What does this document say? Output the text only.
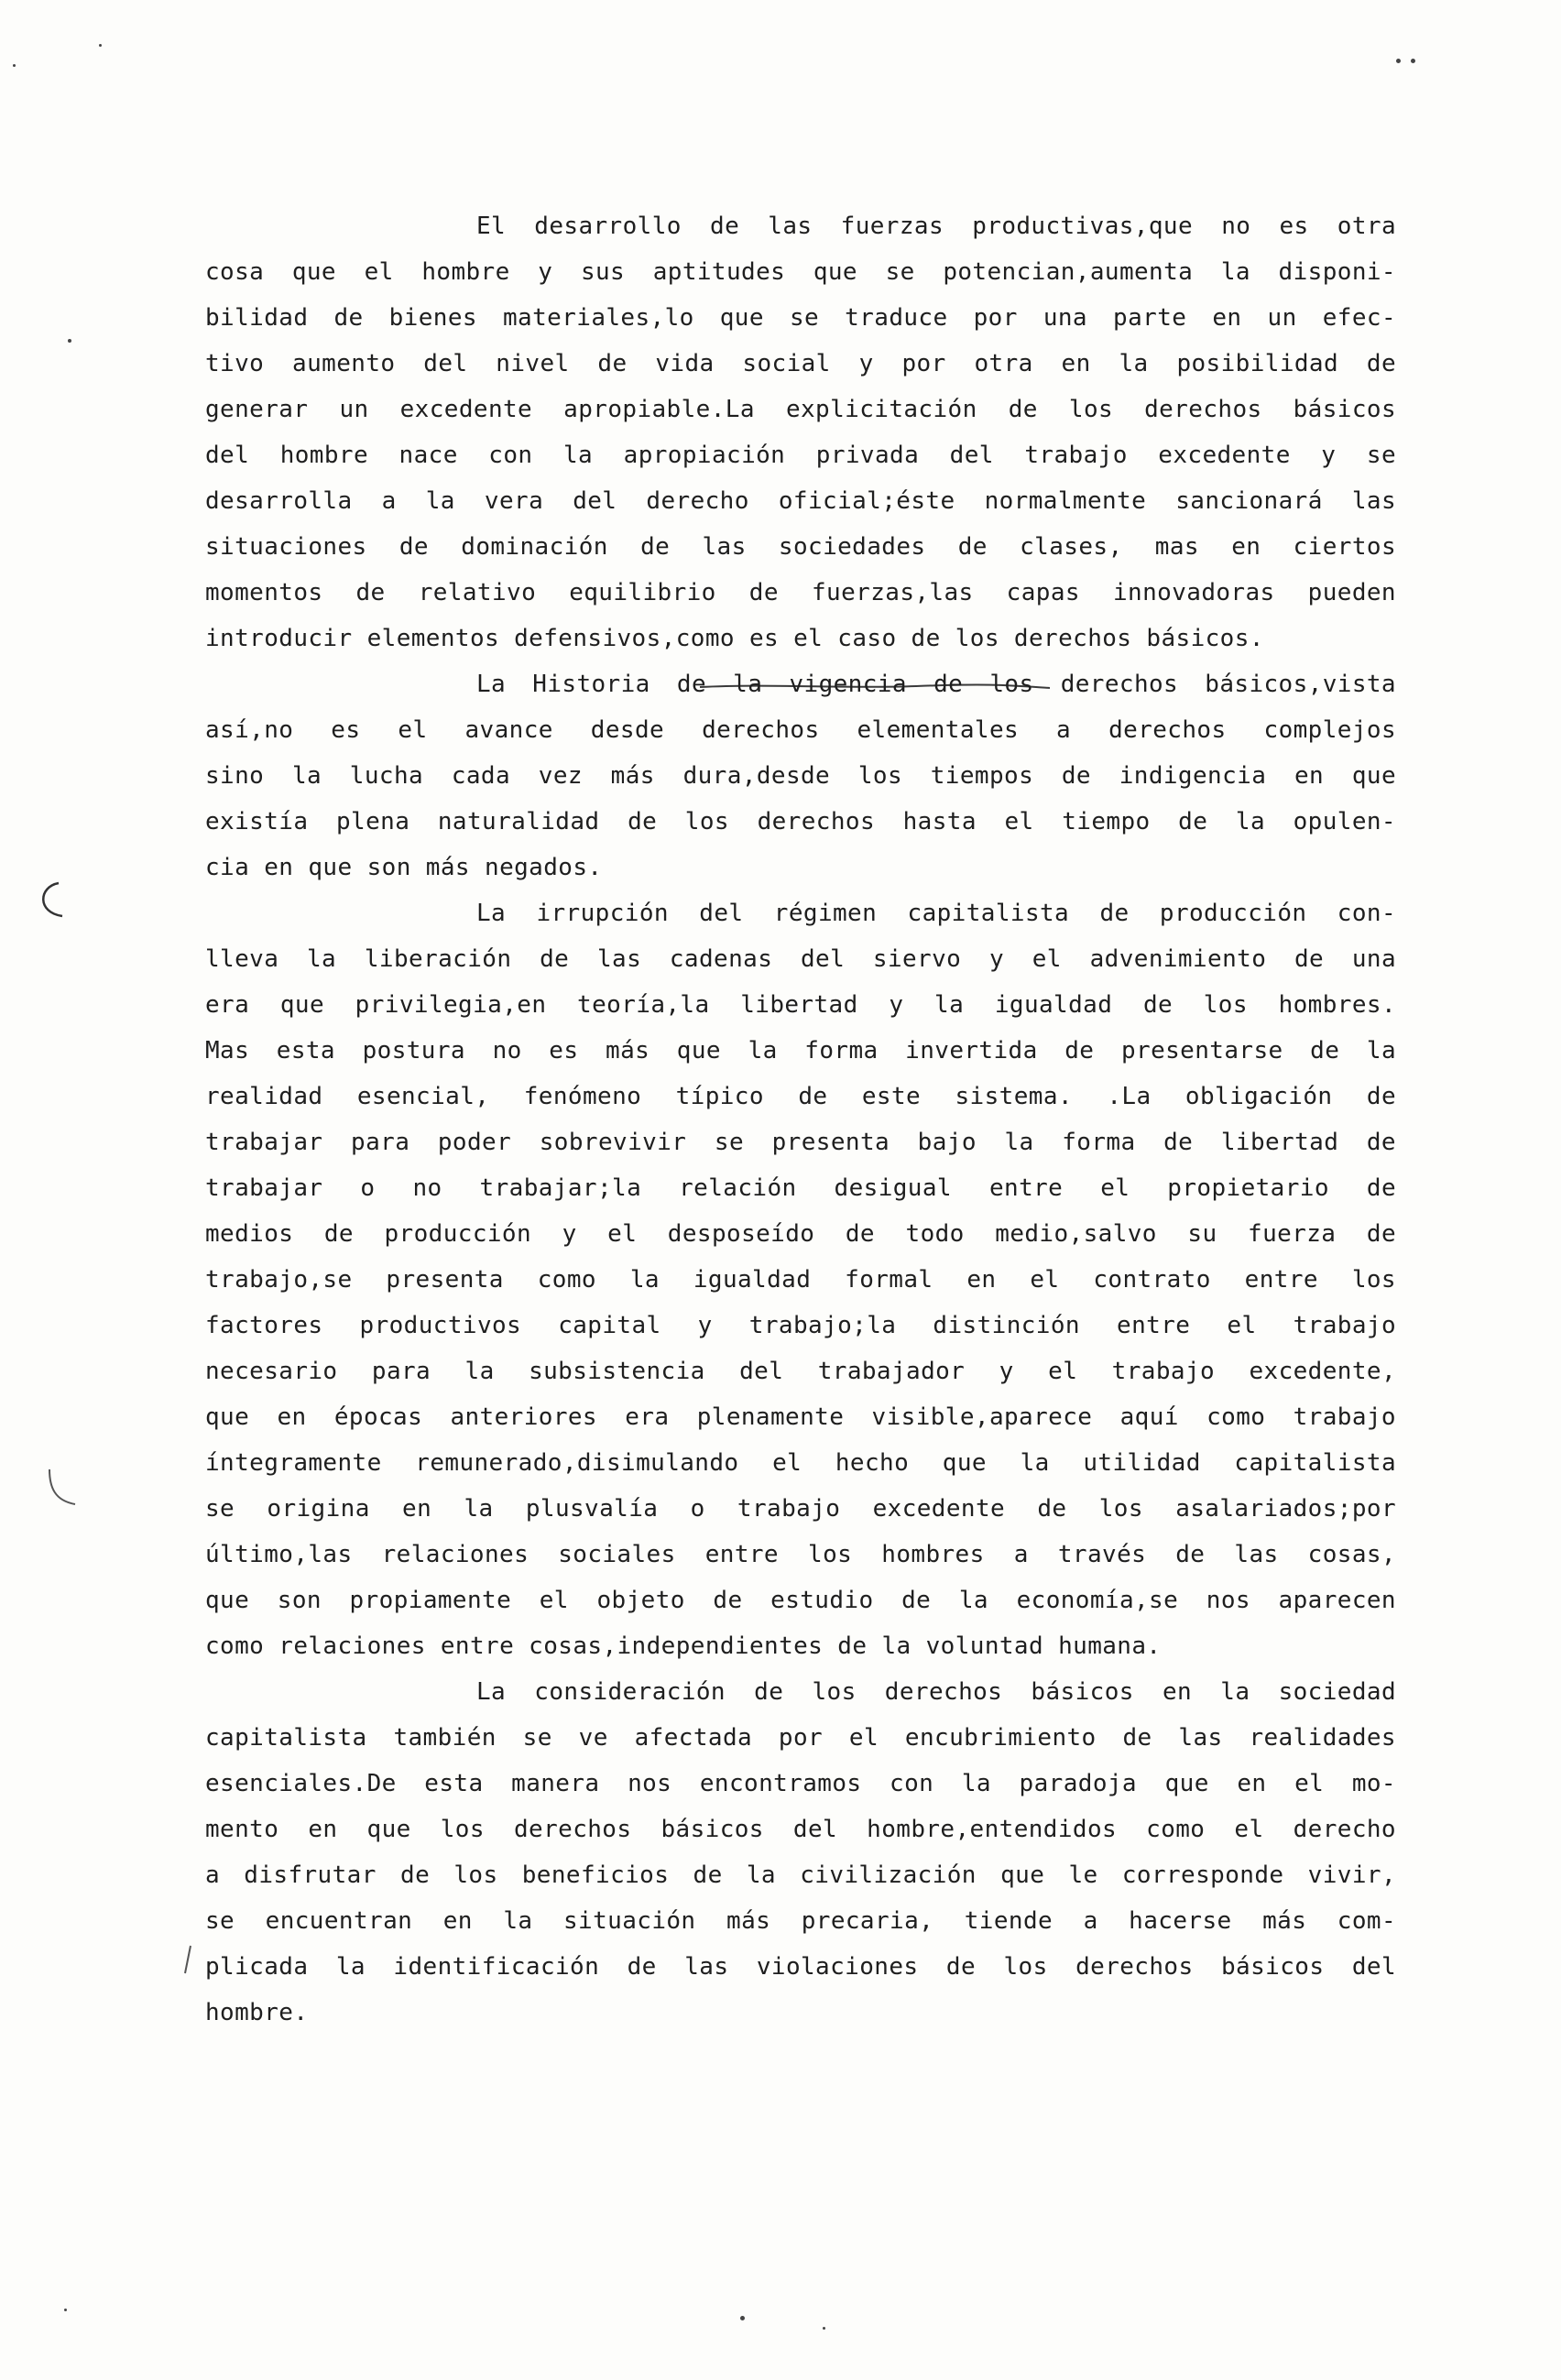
El desarrollo de las fuerzas productivas,que no es otra
cosa que el hombre y sus aptitudes que se potencian,aumenta la disponi-
bilidad de bienes materiales,lo que se traduce por una parte en un efec-
tivo aumento del nivel de vida social y por otra en la posibilidad de
generar un excedente apropiable.La explicitación de los derechos básicos
del hombre nace con la apropiación privada del trabajo excedente y se
desarrolla a la vera del derecho oficial;éste normalmente sancionará las
situaciones de dominación de las sociedades de clases, mas en ciertos
momentos de relativo equilibrio de fuerzas,las capas innovadoras pueden
introducir elementos defensivos,como es el caso de los derechos básicos.
La Historia de la vigencia de los derechos básicos,vista
así,no es el avance desde derechos elementales a derechos complejos
sino la lucha cada vez más dura,desde los tiempos de indigencia en que
existía plena naturalidad de los derechos hasta el tiempo de la opulen-
cia en que son más negados.
La irrupción del régimen capitalista de producción con-
lleva la liberación de las cadenas del siervo y el advenimiento de una
era que privilegia,en teoría,la libertad y la igualdad de los hombres.
Mas esta postura no es más que la forma invertida de presentarse de la
realidad esencial, fenómeno típico de este sistema. .La obligación de
trabajar para poder sobrevivir se presenta bajo la forma de libertad de
trabajar o no trabajar;la relación desigual entre el propietario de
medios de producción y el desposeído de todo medio,salvo su fuerza de
trabajo,se presenta como la igualdad formal en el contrato entre los
factores productivos capital y trabajo;la distinción entre el trabajo
necesario para la subsistencia del trabajador y el trabajo excedente,
que en épocas anteriores era plenamente visible,aparece aquí como trabajo
íntegramente remunerado,disimulando el hecho que la utilidad capitalista
se origina en la plusvalía o trabajo excedente de los asalariados;por
último,las relaciones sociales entre los hombres a través de las cosas,
que son propiamente el objeto de estudio de la economía,se nos aparecen
como relaciones entre cosas,independientes de la voluntad humana.
La consideración de los derechos básicos en la sociedad
capitalista también se ve afectada por el encubrimiento de las realidades
esenciales.De esta manera nos encontramos con la paradoja que en el mo-
mento en que los derechos básicos del hombre,entendidos como el derecho
a disfrutar de los beneficios de la civilización que le corresponde vivir,
se encuentran en la situación más precaria, tiende a hacerse más com-
plicada la identificación de las violaciones de los derechos básicos del
hombre.
